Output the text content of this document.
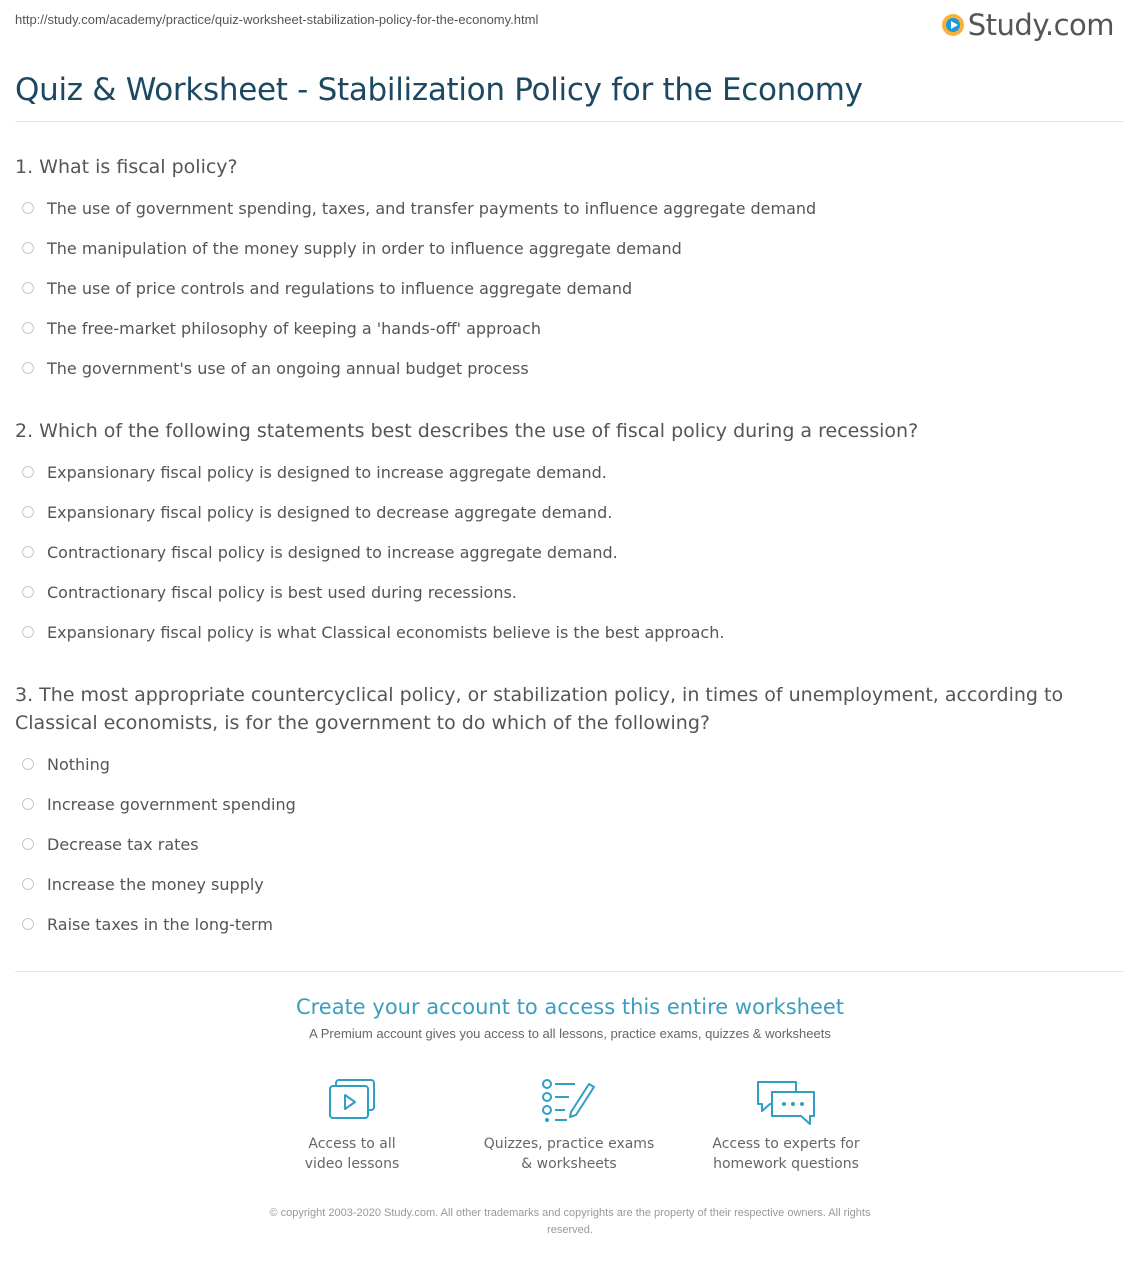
http://study.com/academy/practice/quiz-worksheet-stabilization-policy-for-the-economy.html	Study.com
Quiz & Worksheet - Stabilization Policy for the Economy
1. What is fiscal policy?
The use of government spending, taxes, and transfer payments to influence aggregate demand
The manipulation of the money supply in order to influence aggregate demand
The use of price controls and regulations to influence aggregate demand
The free-market philosophy of keeping a 'hands-off' approach
The government's use of an ongoing annual budget process
2. Which of the following statements best describes the use of fiscal policy during a recession?
Expansionary fiscal policy is designed to increase aggregate demand.
Expansionary fiscal policy is designed to decrease aggregate demand.
Contractionary fiscal policy is designed to increase aggregate demand.
Contractionary fiscal policy is best used during recessions.
Expansionary fiscal policy is what Classical economists believe is the best approach.
3. The most appropriate countercyclical policy, or stabilization policy, in times of unemployment, according to Classical economists, is for the government to do which of the following?
Nothing
Increase government spending
Decrease tax rates
Increase the money supply
Raise taxes in the long-term
Create your account to access this entire worksheet
A Premium account gives you access to all lessons, practice exams, quizzes & worksheets
Access to all
video lessons
Quizzes, practice exams
& worksheets
Access to experts for
homework questions
© copyright 2003-2020 Study.com. All other trademarks and copyrights are the property of their respective owners. All rights
reserved.
